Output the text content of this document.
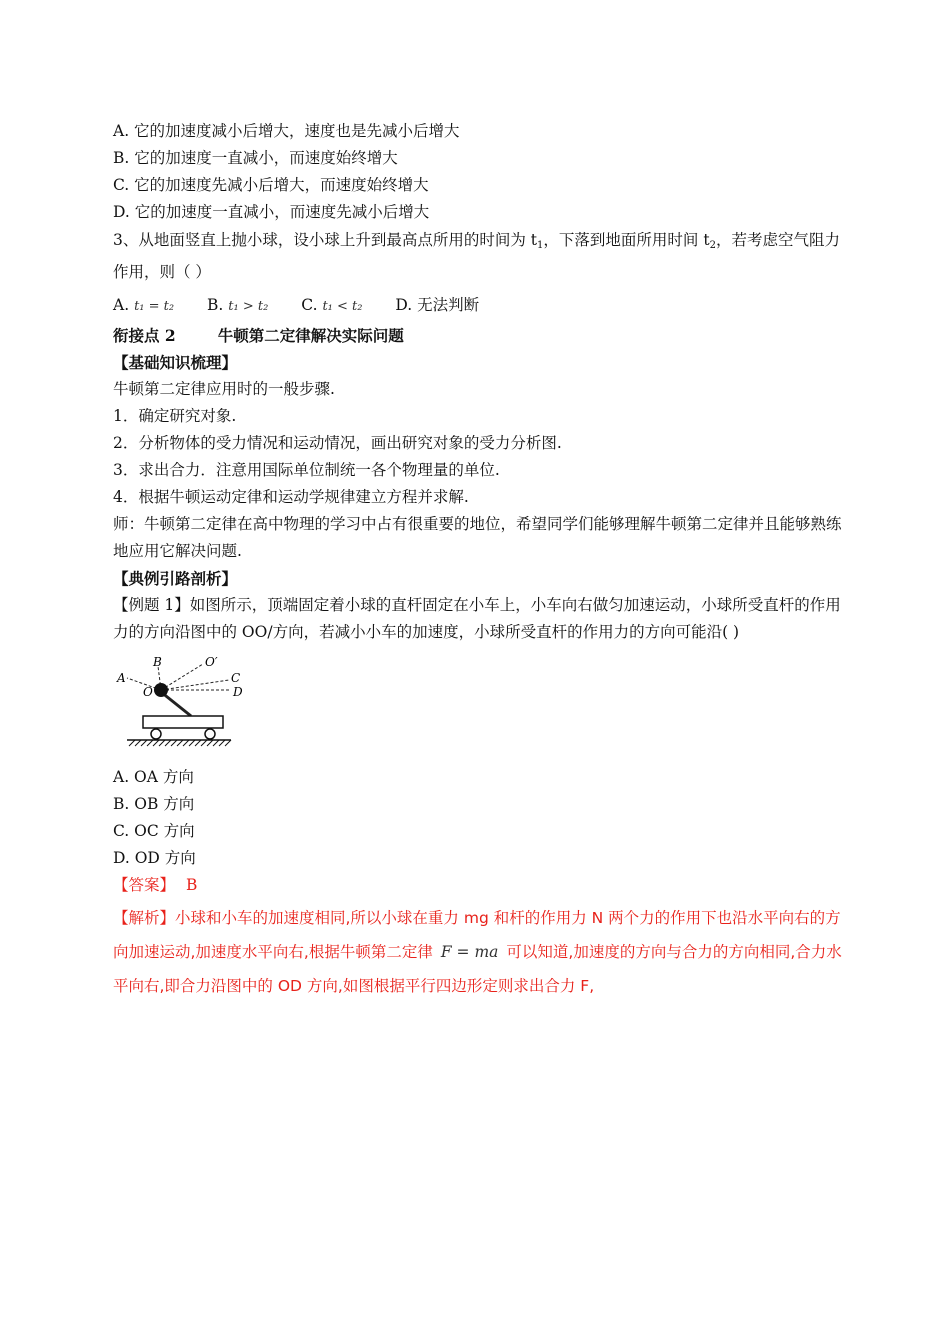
A. 它的加速度减小后增大，速度也是先减小后增大
B. 它的加速度一直减小，而速度始终增大
C. 它的加速度先减小后增大，而速度始终增大
D. 它的加速度一直减小，而速度先减小后增大
3、从地面竖直上抛小球，设小球上升到最高点所用的时间为 $t_1$，下落到地面所用时间 $t_2$，若考虑空气阻力作用，则（ ）
A. t₁ = t₂ B. t₁ > t₂ C. t₁ < t₂ D. 无法判断
衔接点 2	牛顿第二定律解决实际问题
【基础知识梳理】
牛顿第二定律应用时的一般步骤.
1．确定研究对象.
2．分析物体的受力情况和运动情况，画出研究对象的受力分析图.
3．求出合力．注意用国际单位制统一各个物理量的单位.
4．根据牛顿运动定律和运动学规律建立方程并求解.
师：牛顿第二定律在高中物理的学习中占有很重要的地位，希望同学们能够理解牛顿第二定律并且能够熟练地应用它解决问题.
【典例引路剖析】
【例题 1】如图所示，顶端固定着小球的直杆固定在小车上，小车向右做匀加速运动，小球所受直杆的作用力的方向沿图中的 OO/方向，若减小小车的加速度，小球所受直杆的作用力的方向可能沿( )
A
B	O′
C
O	D
A. OA 方向
B. OB 方向
C. OC 方向
D. OD 方向
【答案】 B
【解析】小球和小车的加速度相同,所以小球在重力 mg 和杆的作用力 N 两个力的作用下也沿水平向右的方向加速运动,加速度水平向右,根据牛顿第二定律 F = ma 可以知道,加速度的方向与合力的方向相同,合力水平向右,即合力沿图中的 OD 方向,如图根据平行四边形定则求出合力 F,
